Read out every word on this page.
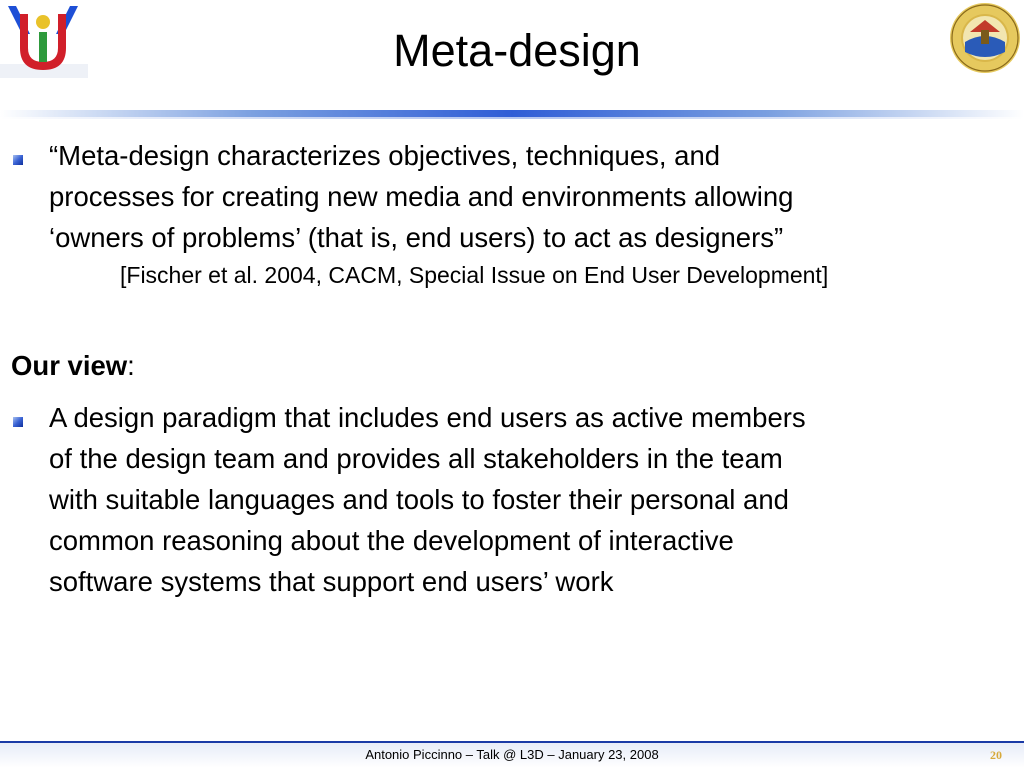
Meta-design
“Meta-design characterizes objectives, techniques, and
processes for creating new media and environments allowing
‘owners of problems’ (that is, end users) to act as designers”
[Fischer et al. 2004, CACM, Special Issue on End User Development]
Our view:
A design paradigm that includes end users as active members
of the design team and provides all stakeholders in the team
with suitable languages and tools to foster their personal and
common reasoning about the development of interactive
software systems that support end users’ work
Antonio Piccinno – Talk @ L3D – January 23, 2008	20
